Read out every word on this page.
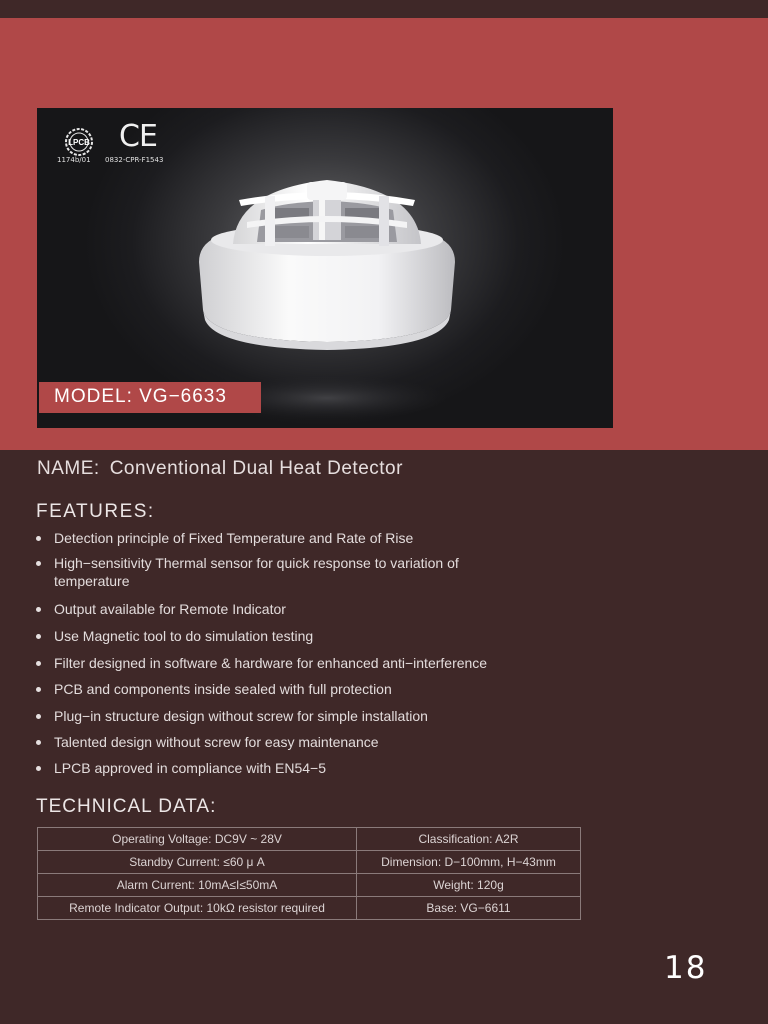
LPCB
1174b/01
CE
0832-CPR-F1543
MODEL: VG−6633
NAME: Conventional Dual Heat Detector
FEATURES:
Detection principle of Fixed Temperature and Rate of Rise
High−sensitivity Thermal sensor for quick response to variation of temperature
Output available for Remote Indicator
Use Magnetic tool to do simulation testing
Filter designed in software & hardware for enhanced anti−interference
PCB and components inside sealed with full protection
Plug−in structure design without screw for simple installation
Talented design without screw for easy maintenance
LPCB approved in compliance with EN54−5
TECHNICAL DATA:
Operating Voltage: DC9V ~ 28V	Classification: A2R
Standby Current: ≤60 μ A	Dimension: D−100mm, H−43mm
Alarm Current: 10mA≤I≤50mA	Weight: 120g
Remote Indicator Output: 10kΩ resistor required	Base: VG−6611
18
